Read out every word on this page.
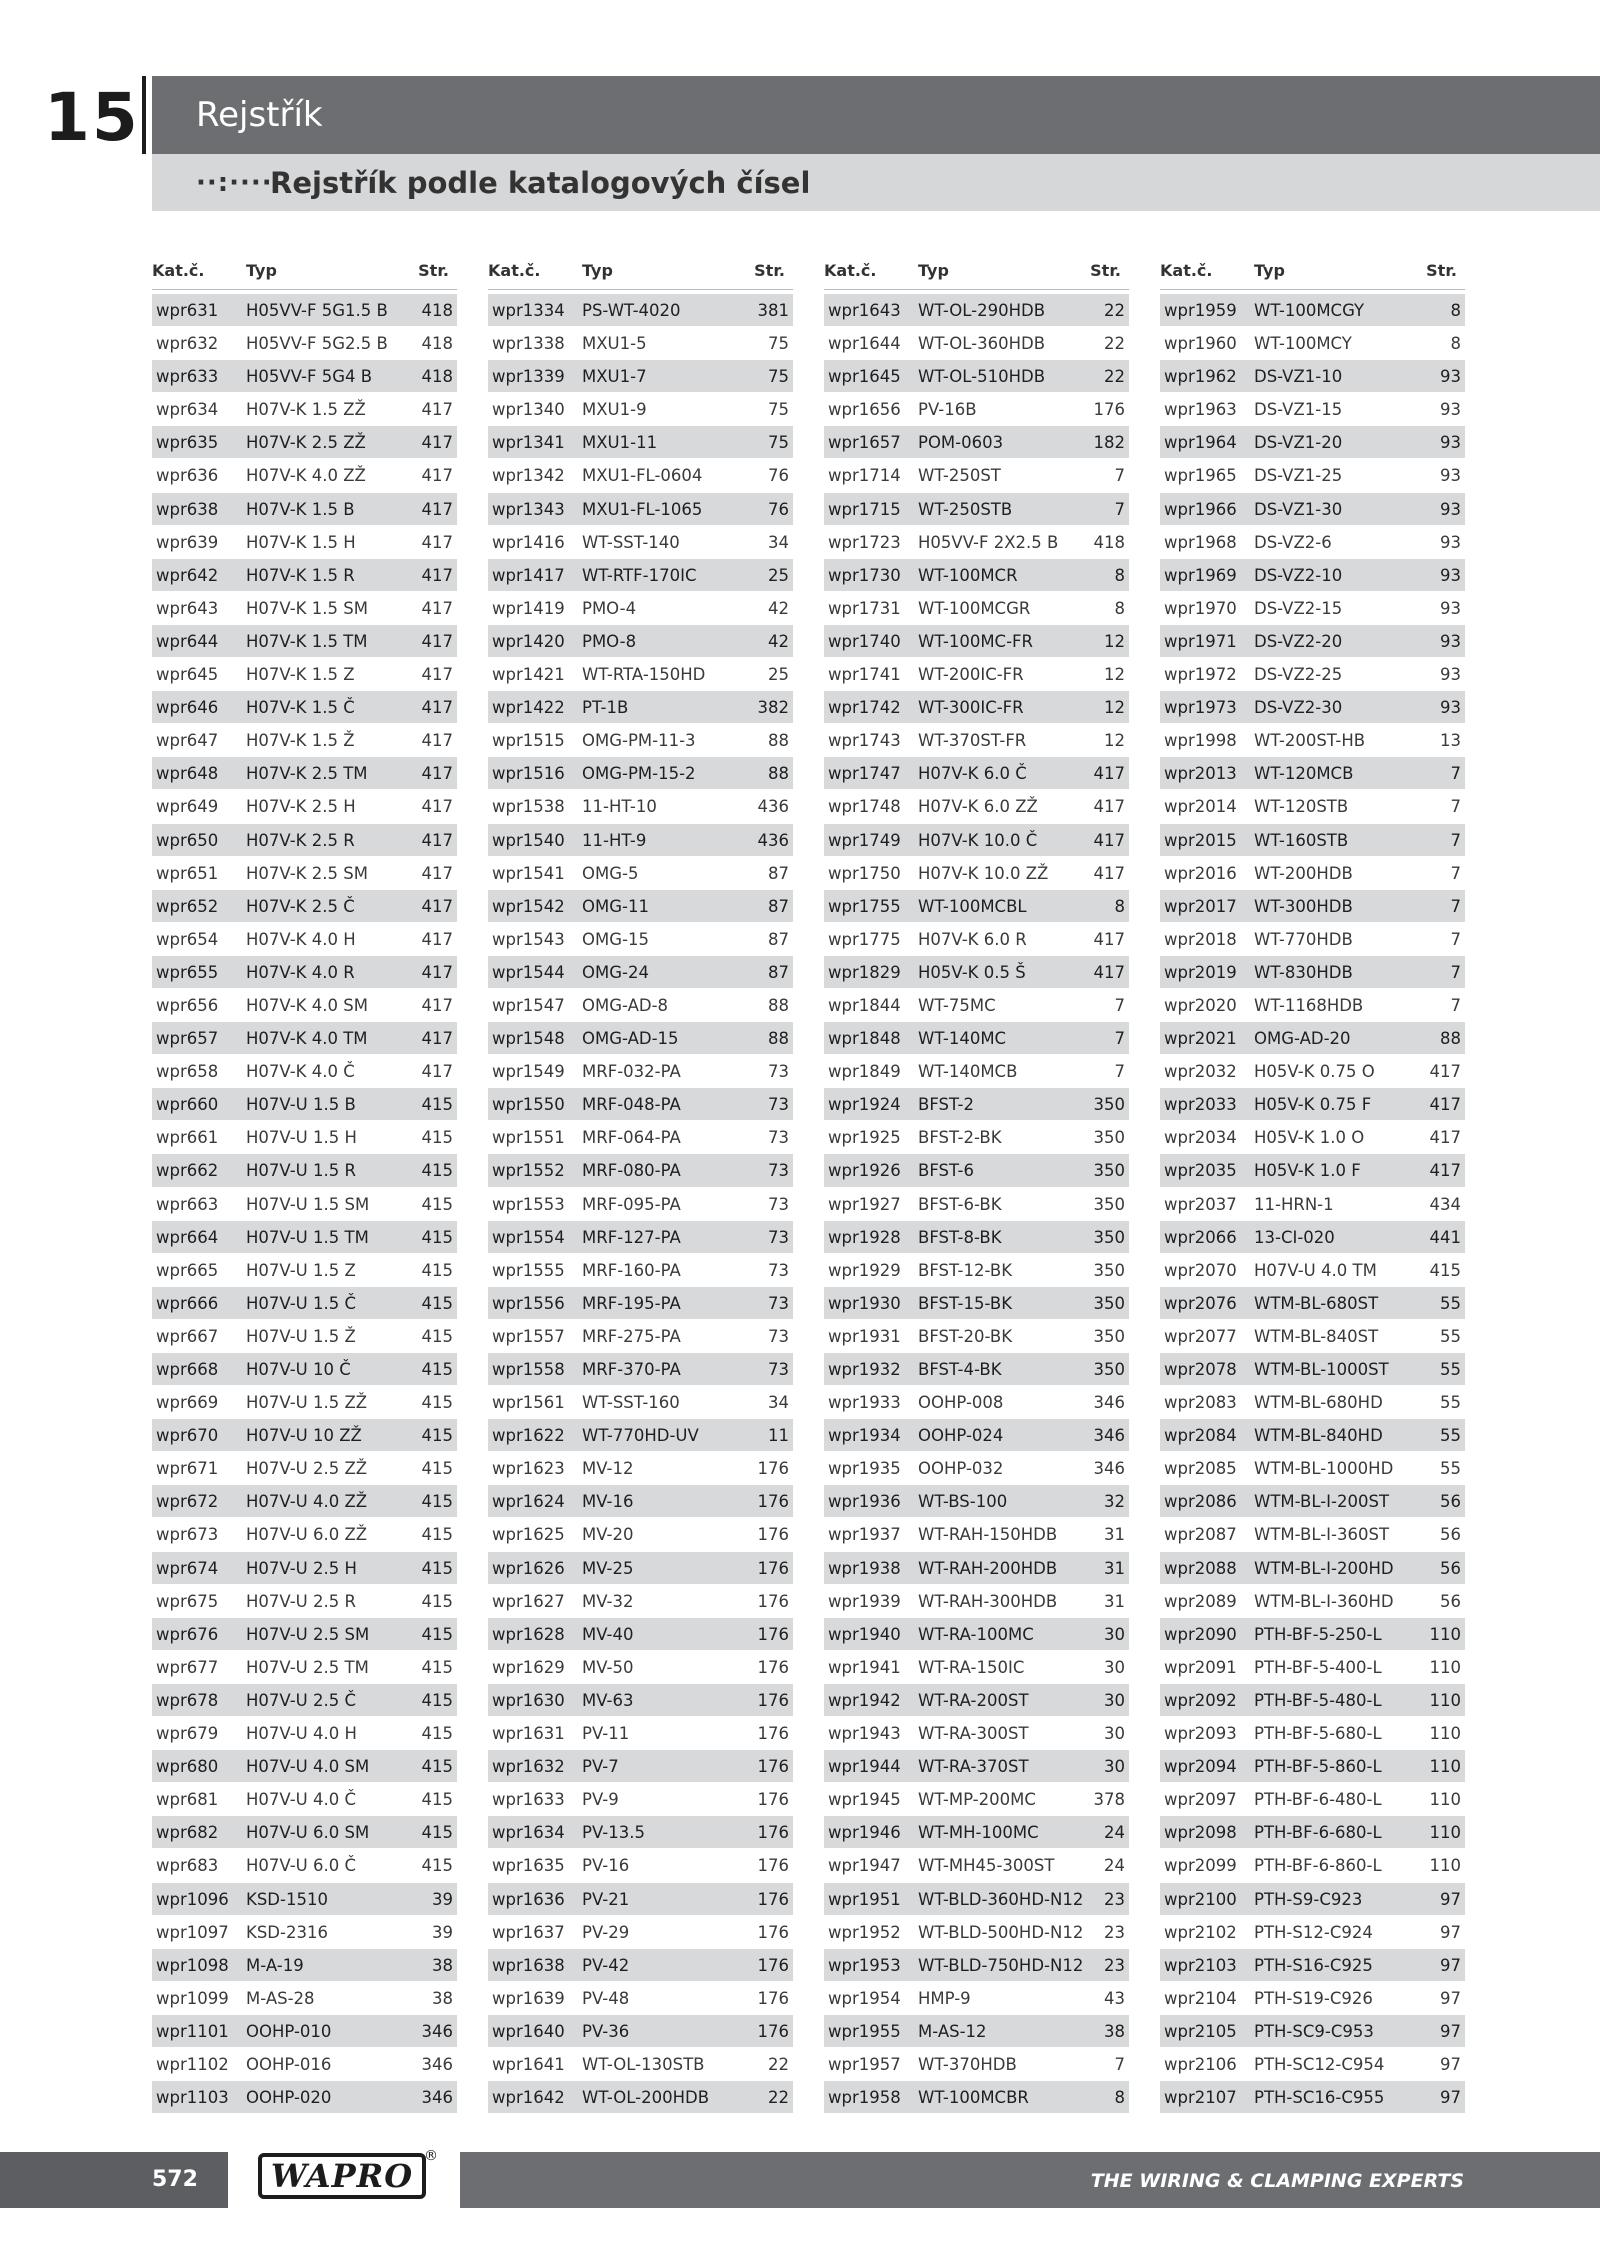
15 Rejstřík
··:····
Rejstřík podle katalogových čísel
Kat.č.	Typ	Str.
wpr631 H05VV-F 5G1.5 B 418
wpr632 H05VV-F 5G2.5 B 418
wpr633 H05VV-F 5G4 B	418
wpr634 H07V-K 1.5 ZŽ	417
wpr635 H07V-K 2.5 ZŽ	417
wpr636 H07V-K 4.0 ZŽ	417
wpr638 H07V-K 1.5 B	417
wpr639 H07V-K 1.5 H	417
wpr642 H07V-K 1.5 R	417
wpr643 H07V-K 1.5 SM	417
wpr644 H07V-K 1.5 TM	417
wpr645 H07V-K 1.5 Z	417
wpr646 H07V-K 1.5 Č	417
wpr647 H07V-K 1.5 Ž	417
wpr648 H07V-K 2.5 TM	417
wpr649 H07V-K 2.5 H	417
wpr650 H07V-K 2.5 R	417
wpr651 H07V-K 2.5 SM	417
wpr652 H07V-K 2.5 Č	417
wpr654 H07V-K 4.0 H	417
wpr655 H07V-K 4.0 R	417
wpr656 H07V-K 4.0 SM	417
wpr657 H07V-K 4.0 TM	417
wpr658 H07V-K 4.0 Č	417
wpr660 H07V-U 1.5 B	415
wpr661 H07V-U 1.5 H	415
wpr662 H07V-U 1.5 R	415
wpr663 H07V-U 1.5 SM	415
wpr664 H07V-U 1.5 TM	415
wpr665 H07V-U 1.5 Z	415
wpr666 H07V-U 1.5 Č	415
wpr667 H07V-U 1.5 Ž	415
wpr668 H07V-U 10 Č	415
wpr669 H07V-U 1.5 ZŽ	415
wpr670 H07V-U 10 ZŽ	415
wpr671 H07V-U 2.5 ZŽ	415
wpr672 H07V-U 4.0 ZŽ	415
wpr673 H07V-U 6.0 ZŽ	415
wpr674 H07V-U 2.5 H	415
wpr675 H07V-U 2.5 R	415
wpr676 H07V-U 2.5 SM	415
wpr677 H07V-U 2.5 TM	415
wpr678 H07V-U 2.5 Č	415
wpr679 H07V-U 4.0 H	415
wpr680 H07V-U 4.0 SM	415
wpr681 H07V-U 4.0 Č	415
wpr682 H07V-U 6.0 SM	415
wpr683 H07V-U 6.0 Č	415
wpr1096 KSD-1510	39
wpr1097 KSD-2316	39
wpr1098 M-A-19	38
wpr1099 M-AS-28	38
wpr1101 OOHP-010	346
wpr1102 OOHP-016	346
wpr1103 OOHP-020	346
Kat.č.	Typ	Str.
wpr1334 PS-WT-4020	381
wpr1338 MXU1-5	75
wpr1339 MXU1-7	75
wpr1340 MXU1-9	75
wpr1341 MXU1-11	75
wpr1342 MXU1-FL-0604	76
wpr1343 MXU1-FL-1065	76
wpr1416 WT-SST-140	34
wpr1417 WT-RTF-170IC	25
wpr1419 PMO-4	42
wpr1420 PMO-8	42
wpr1421 WT-RTA-150HD	25
wpr1422 PT-1B	382
wpr1515 OMG-PM-11-3	88
wpr1516 OMG-PM-15-2	88
wpr1538 11-HT-10	436
wpr1540 11-HT-9	436
wpr1541 OMG-5	87
wpr1542 OMG-11	87
wpr1543 OMG-15	87
wpr1544 OMG-24	87
wpr1547 OMG-AD-8	88
wpr1548 OMG-AD-15	88
wpr1549 MRF-032-PA	73
wpr1550 MRF-048-PA	73
wpr1551 MRF-064-PA	73
wpr1552 MRF-080-PA	73
wpr1553 MRF-095-PA	73
wpr1554 MRF-127-PA	73
wpr1555 MRF-160-PA	73
wpr1556 MRF-195-PA	73
wpr1557 MRF-275-PA	73
wpr1558 MRF-370-PA	73
wpr1561 WT-SST-160	34
wpr1622 WT-770HD-UV	11
wpr1623 MV-12	176
wpr1624 MV-16	176
wpr1625 MV-20	176
wpr1626 MV-25	176
wpr1627 MV-32	176
wpr1628 MV-40	176
wpr1629 MV-50	176
wpr1630 MV-63	176
wpr1631 PV-11	176
wpr1632 PV-7	176
wpr1633 PV-9	176
wpr1634 PV-13.5	176
wpr1635 PV-16	176
wpr1636 PV-21	176
wpr1637 PV-29	176
wpr1638 PV-42	176
wpr1639 PV-48	176
wpr1640 PV-36	176
wpr1641 WT-OL-130STB	22
wpr1642 WT-OL-200HDB	22
Kat.č.	Typ	Str.
wpr1643 WT-OL-290HDB	22
wpr1644 WT-OL-360HDB	22
wpr1645 WT-OL-510HDB	22
wpr1656 PV-16B	176
wpr1657 POM-0603	182
wpr1714 WT-250ST	7
wpr1715 WT-250STB	7
wpr1723 H05VV-F 2X2.5 B 418
wpr1730 WT-100MCR	8
wpr1731 WT-100MCGR	8
wpr1740 WT-100MC-FR	12
wpr1741 WT-200IC-FR	12
wpr1742 WT-300IC-FR	12
wpr1743 WT-370ST-FR	12
wpr1747 H07V-K 6.0 Č	417
wpr1748 H07V-K 6.0 ZŽ	417
wpr1749 H07V-K 10.0 Č	417
wpr1750 H07V-K 10.0 ZŽ	417
wpr1755 WT-100MCBL	8
wpr1775 H07V-K 6.0 R	417
wpr1829 H05V-K 0.5 Š	417
wpr1844 WT-75MC	7
wpr1848 WT-140MC	7
wpr1849 WT-140MCB	7
wpr1924 BFST-2	350
wpr1925 BFST-2-BK	350
wpr1926 BFST-6	350
wpr1927 BFST-6-BK	350
wpr1928 BFST-8-BK	350
wpr1929 BFST-12-BK	350
wpr1930 BFST-15-BK	350
wpr1931 BFST-20-BK	350
wpr1932 BFST-4-BK	350
wpr1933 OOHP-008	346
wpr1934 OOHP-024	346
wpr1935 OOHP-032	346
wpr1936 WT-BS-100	32
wpr1937 WT-RAH-150HDB	31
wpr1938 WT-RAH-200HDB	31
wpr1939 WT-RAH-300HDB	31
wpr1940 WT-RA-100MC	30
wpr1941 WT-RA-150IC	30
wpr1942 WT-RA-200ST	30
wpr1943 WT-RA-300ST	30
wpr1944 WT-RA-370ST	30
wpr1945 WT-MP-200MC	378
wpr1946 WT-MH-100MC	24
wpr1947 WT-MH45-300ST	24
wpr1951 WT-BLD-360HD-N12 23
wpr1952 WT-BLD-500HD-N12 23
wpr1953 WT-BLD-750HD-N12 23
wpr1954 HMP-9	43
wpr1955 M-AS-12	38
wpr1957 WT-370HDB	7
wpr1958 WT-100MCBR	8
Kat.č.	Typ	Str.
wpr1959 WT-100MCGY	8
wpr1960 WT-100MCY	8
wpr1962 DS-VZ1-10	93
wpr1963 DS-VZ1-15	93
wpr1964 DS-VZ1-20	93
wpr1965 DS-VZ1-25	93
wpr1966 DS-VZ1-30	93
wpr1968 DS-VZ2-6	93
wpr1969 DS-VZ2-10	93
wpr1970 DS-VZ2-15	93
wpr1971 DS-VZ2-20	93
wpr1972 DS-VZ2-25	93
wpr1973 DS-VZ2-30	93
wpr1998 WT-200ST-HB	13
wpr2013 WT-120MCB	7
wpr2014 WT-120STB	7
wpr2015 WT-160STB	7
wpr2016 WT-200HDB	7
wpr2017 WT-300HDB	7
wpr2018 WT-770HDB	7
wpr2019 WT-830HDB	7
wpr2020 WT-1168HDB	7
wpr2021 OMG-AD-20	88
wpr2032 H05V-K 0.75 O	417
wpr2033 H05V-K 0.75 F	417
wpr2034 H05V-K 1.0 O	417
wpr2035 H05V-K 1.0 F	417
wpr2037 11-HRN-1	434
wpr2066 13-CI-020	441
wpr2070 H07V-U 4.0 TM	415
wpr2076 WTM-BL-680ST	55
wpr2077 WTM-BL-840ST	55
wpr2078 WTM-BL-1000ST	55
wpr2083 WTM-BL-680HD	55
wpr2084 WTM-BL-840HD	55
wpr2085 WTM-BL-1000HD	55
wpr2086 WTM-BL-I-200ST	56
wpr2087 WTM-BL-I-360ST	56
wpr2088 WTM-BL-I-200HD	56
wpr2089 WTM-BL-I-360HD	56
wpr2090 PTH-BF-5-250-L	110
wpr2091 PTH-BF-5-400-L	110
wpr2092 PTH-BF-5-480-L	110
wpr2093 PTH-BF-5-680-L	110
wpr2094 PTH-BF-5-860-L	110
wpr2097 PTH-BF-6-480-L	110
wpr2098 PTH-BF-6-680-L	110
wpr2099 PTH-BF-6-860-L	110
wpr2100 PTH-S9-C923	97
wpr2102 PTH-S12-C924	97
wpr2103 PTH-S16-C925	97
wpr2104 PTH-S19-C926	97
wpr2105 PTH-SC9-C953	97
wpr2106 PTH-SC12-C954	97
wpr2107 PTH-SC16-C955	97
572	WAPRO
®
THE WIRING & CLAMPING EXPERTS
